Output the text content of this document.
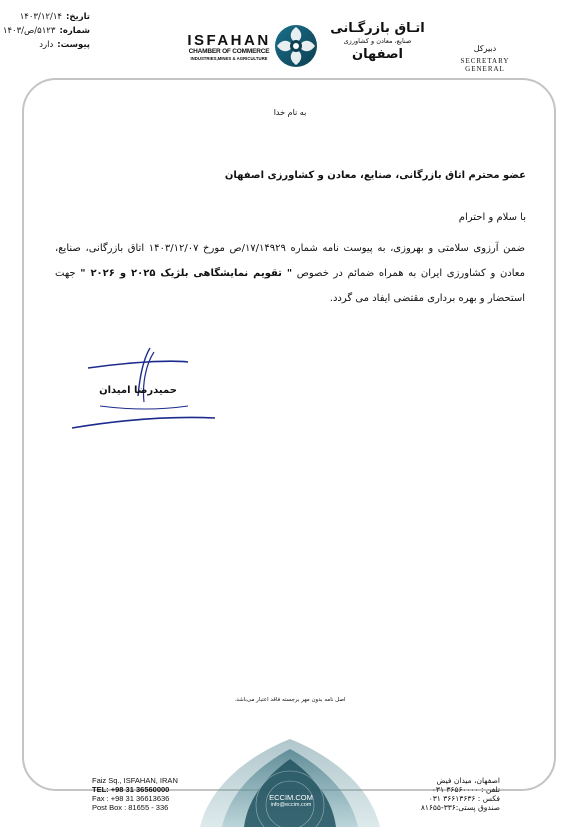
تاریخ:
۱۴۰۳/۱۲/۱۴
شماره:
۵۱۲۳/ص/۱۴۰۳
پیوست:
دارد	ISFAHAN
CHAMBER OF COMMERCE
INDUSTRIES,MINES & AGRICULTURE
اتـاق بازرگـانی
صنایع، معادن و کشاورزی
اصفهان	دبیرکل
SECRETARY GENERAL
به نام خدا
عضو محترم اتاق بازرگانی، صنایع، معادن و کشاورزی اصفهان
با سلام و احترام
ضمن آرزوی سلامتی و بهروزی، به پیوست نامه شماره ۱۷/۱۴۹۲۹/ص مورخ ۱۴۰۳/۱۲/۰۷ اتاق بازرگانی، صنایع، معادن و کشاورزی ایران به همراه ضمائم در خصوص " تقویم نمایشگاهی بلژیک ۲۰۲۵ و ۲۰۲۶ " جهت استحضار و بهره برداری مقتضی ایفاد می گردد.
حمیدرضا امیدان
اصل نامه بدون مهر برجسته فاقد اعتبار می‌باشد.
ECCIM.COM
info@eccim.com
Faiz Sq., ISFAHAN, IRAN
TEL: +98 31 36560000
Fax : +98 31 36613636
Post Box : 81655 - 336
اصفهان، میدان فیض
تلفن : ۳۶۵۶۰۰۰۰ ۰۳۱
فکس : ۳۶۶۱۳۶۳۶ ۰۳۱
صندوق پستی:۳۳۶-۸۱۶۵۵
